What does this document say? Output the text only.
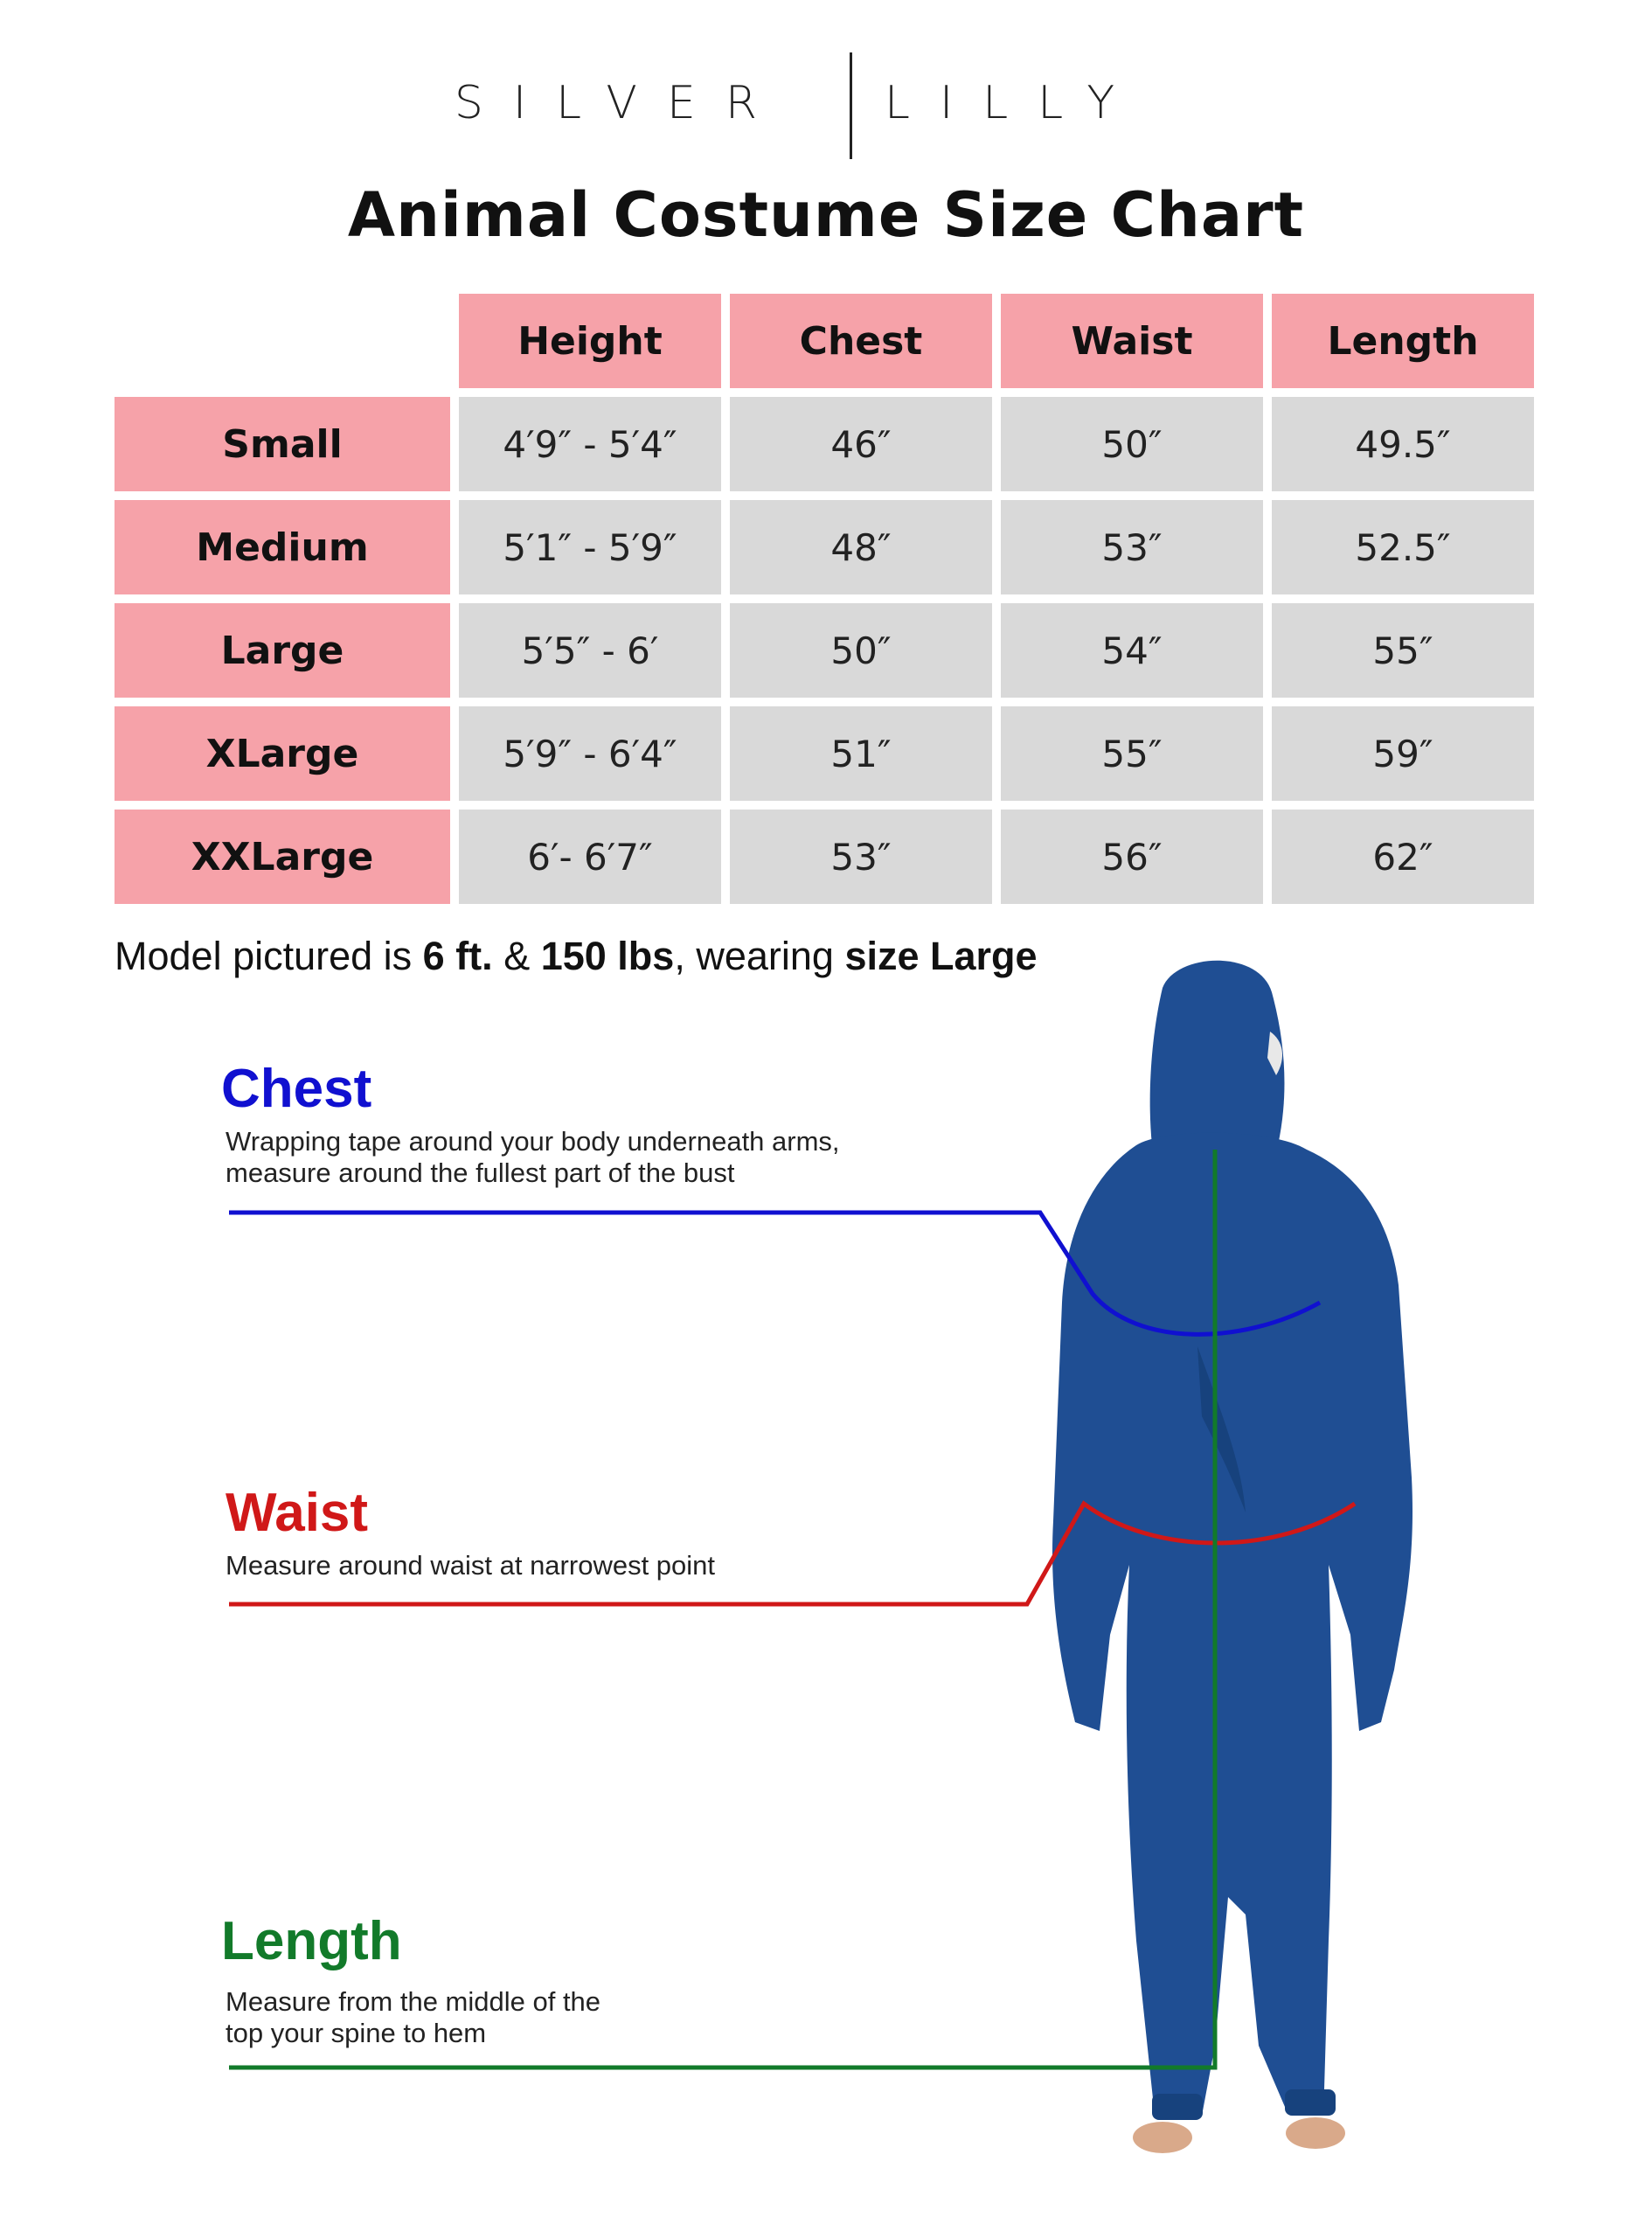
SILVER LILLY
Animal Costume Size Chart
	Height	Chest	Waist	Length
Small	4′9″ - 5′4″	46″	50″	49.5″
Medium	5′1″ - 5′9″	48″	53″	52.5″
Large	5′5″ - 6′	50″	54″	55″
XLarge	5′9″ - 6′4″	51″	55″	59″
XXLarge	6′- 6′7″	53″	56″	62″
Model pictured is 6 ft. & 150 lbs, wearing size Large
Chest
Wrapping tape around your body underneath arms,
measure around the fullest part of the bust
Waist
Measure around waist at narrowest point
Length
Measure from the middle of the
top your spine to hem
